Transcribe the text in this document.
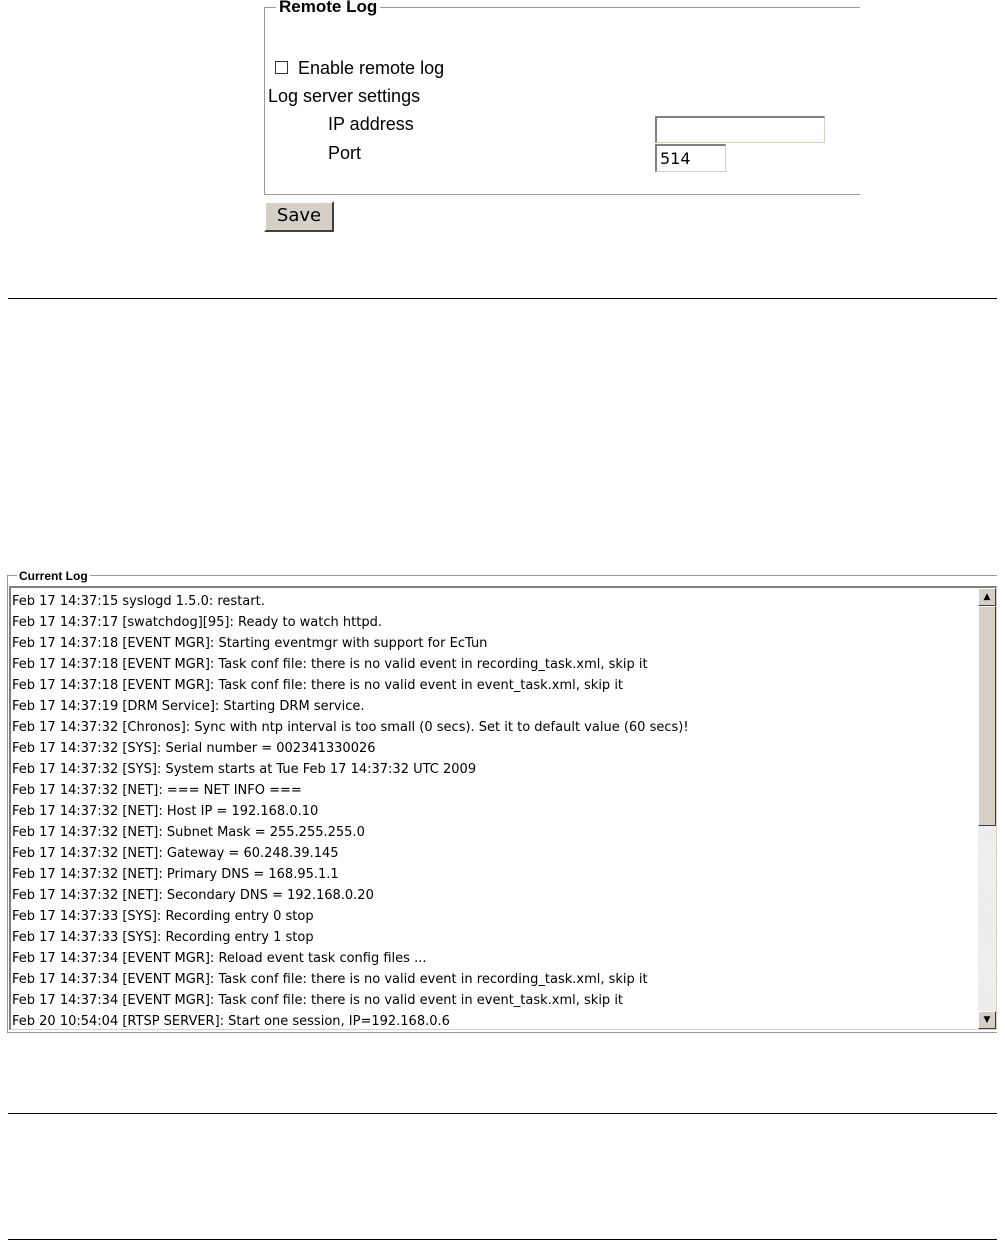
Remote Log
Enable remote log
Log server settings
IP address
Port
514
Save
Current Log
Feb 17 14:37:15 syslogd 1.5.0: restart.
Feb 17 14:37:17 [swatchdog][95]: Ready to watch httpd.
Feb 17 14:37:18 [EVENT MGR]: Starting eventmgr with support for EcTun
Feb 17 14:37:18 [EVENT MGR]: Task conf file: there is no valid event in recording_task.xml, skip it
Feb 17 14:37:18 [EVENT MGR]: Task conf file: there is no valid event in event_task.xml, skip it
Feb 17 14:37:19 [DRM Service]: Starting DRM service.
Feb 17 14:37:32 [Chronos]: Sync with ntp interval is too small (0 secs). Set it to default value (60 secs)!
Feb 17 14:37:32 [SYS]: Serial number = 002341330026
Feb 17 14:37:32 [SYS]: System starts at Tue Feb 17 14:37:32 UTC 2009
Feb 17 14:37:32 [NET]: === NET INFO ===
Feb 17 14:37:32 [NET]: Host IP = 192.168.0.10
Feb 17 14:37:32 [NET]: Subnet Mask = 255.255.255.0
Feb 17 14:37:32 [NET]: Gateway = 60.248.39.145
Feb 17 14:37:32 [NET]: Primary DNS = 168.95.1.1
Feb 17 14:37:32 [NET]: Secondary DNS = 192.168.0.20
Feb 17 14:37:33 [SYS]: Recording entry 0 stop
Feb 17 14:37:33 [SYS]: Recording entry 1 stop
Feb 17 14:37:34 [EVENT MGR]: Reload event task config files ...
Feb 17 14:37:34 [EVENT MGR]: Task conf file: there is no valid event in recording_task.xml, skip it
Feb 17 14:37:34 [EVENT MGR]: Task conf file: there is no valid event in event_task.xml, skip it
Feb 20 10:54:04 [RTSP SERVER]: Start one session, IP=192.168.0.6
▲
▼
